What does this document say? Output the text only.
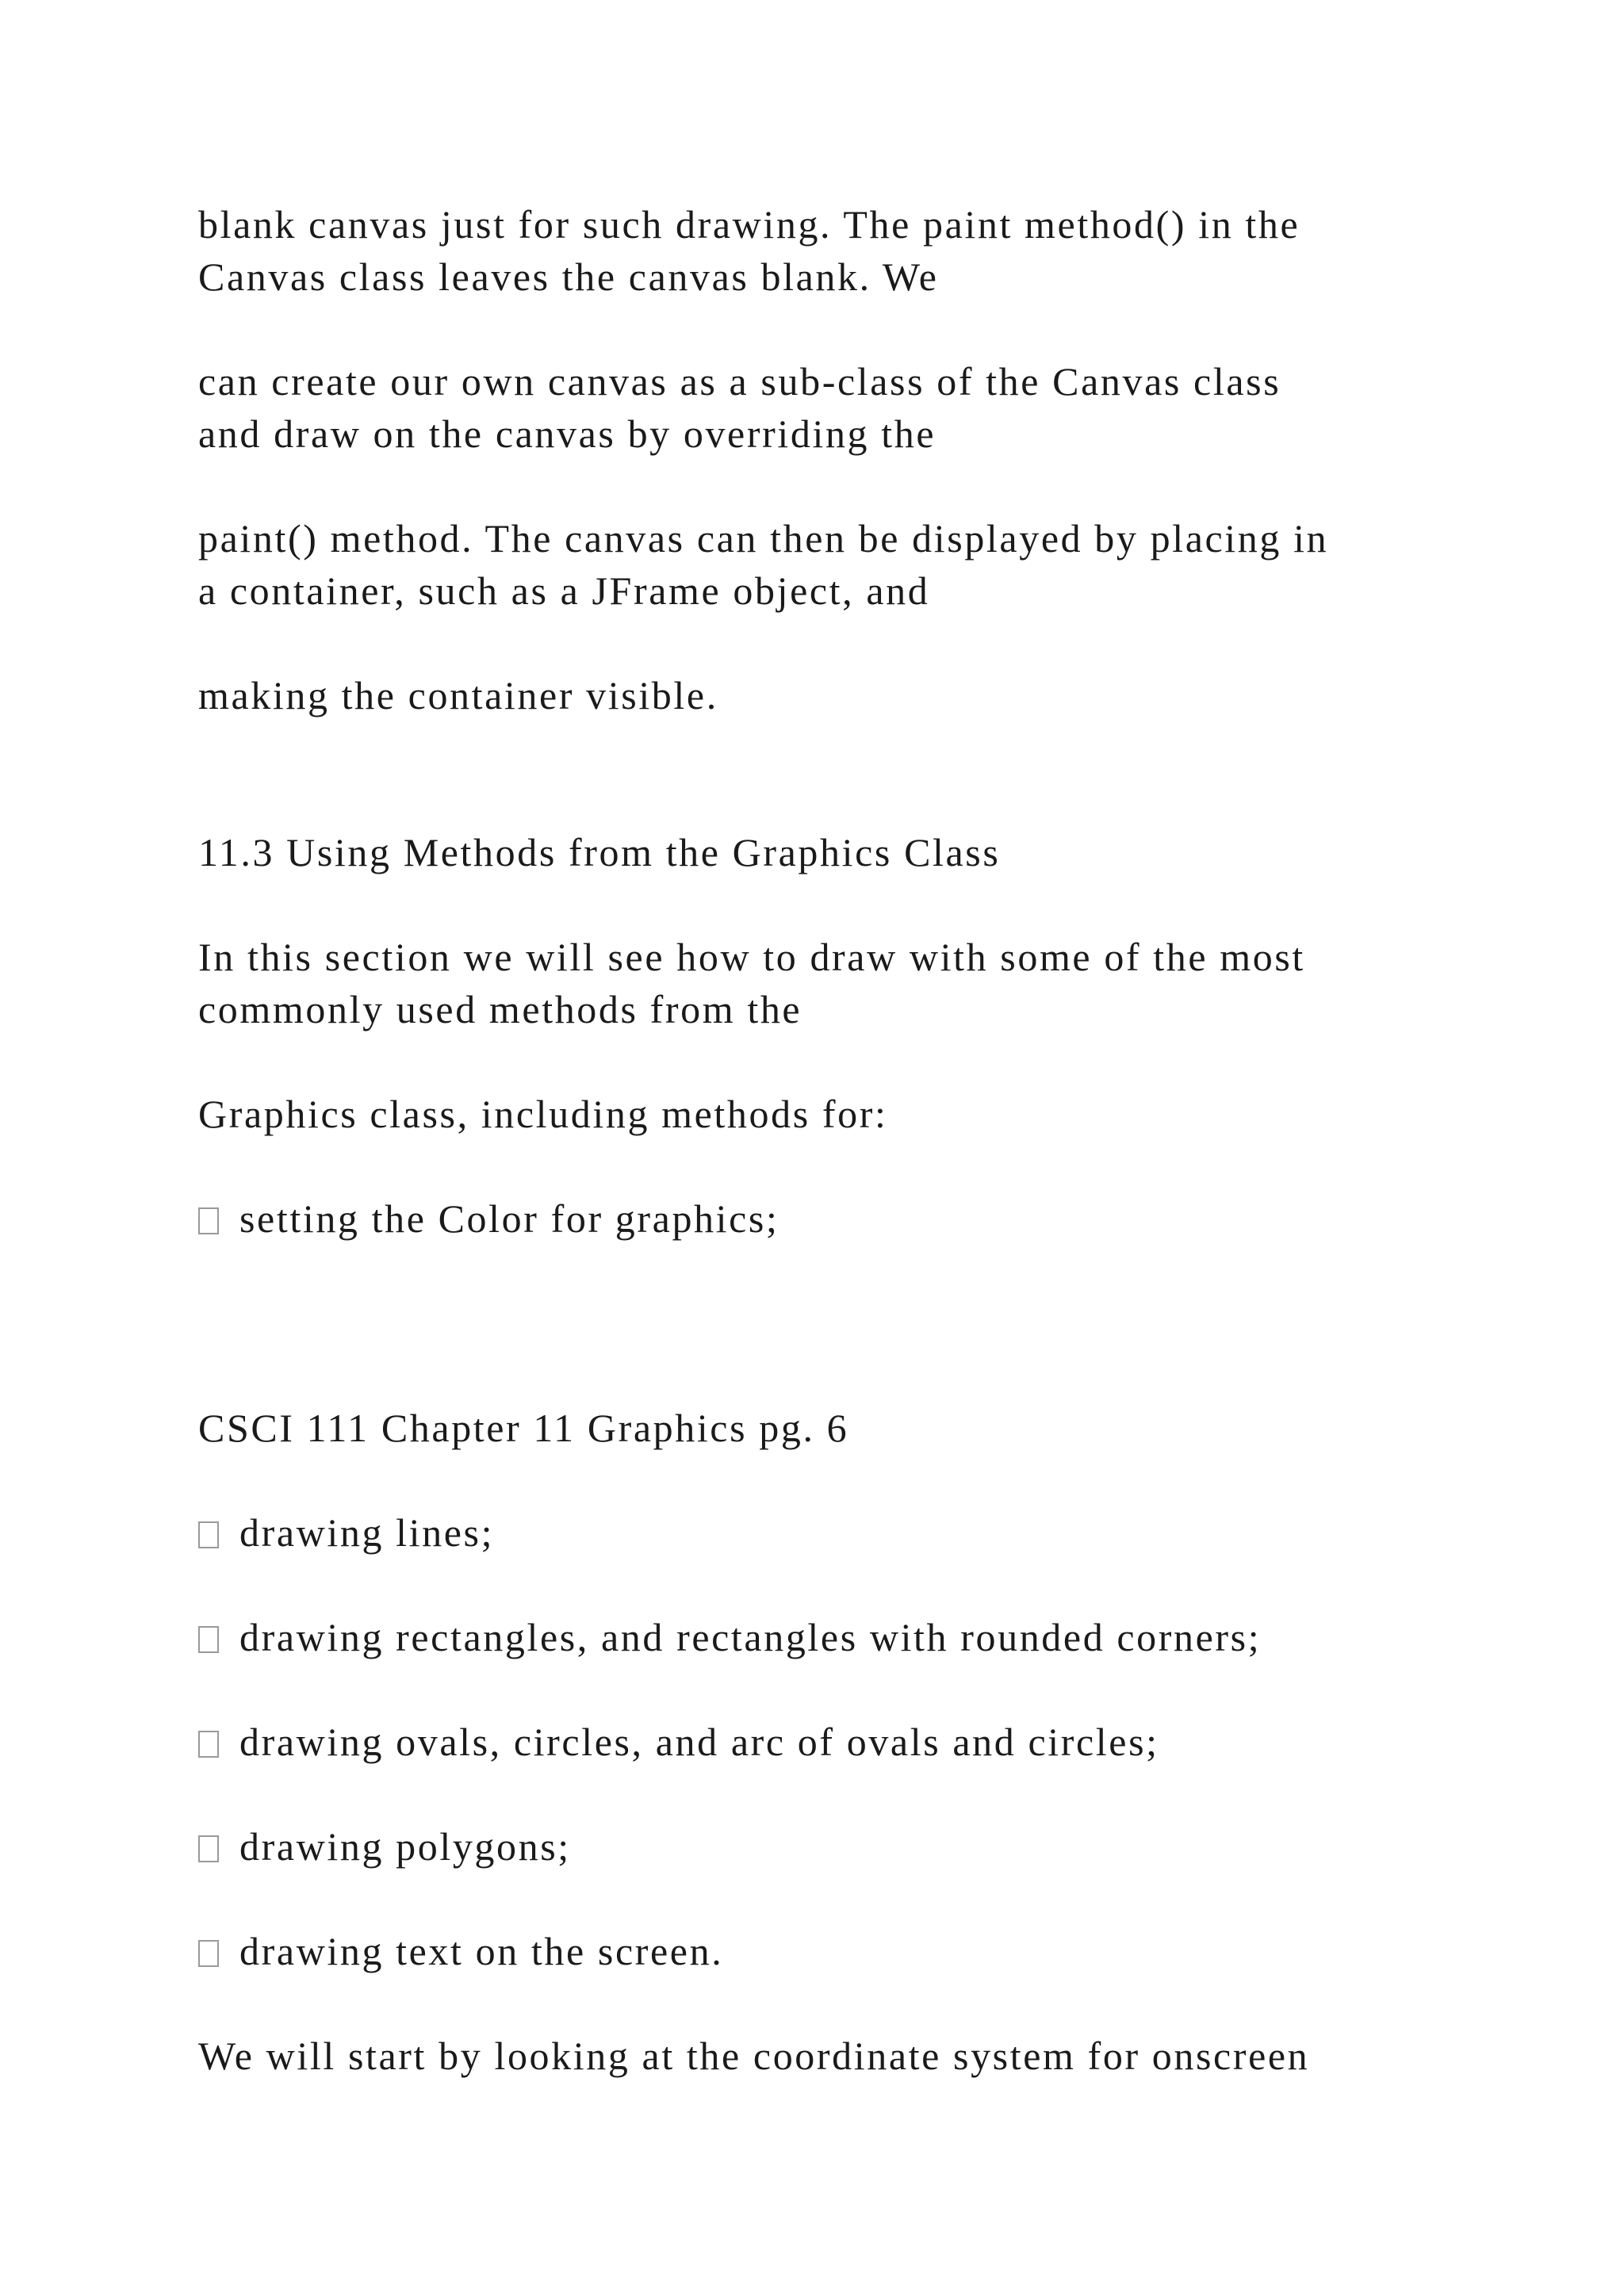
blank canvas just for such drawing. The paint method() in the
Canvas class leaves the canvas blank. We
can create our own canvas as a sub-class of the Canvas class
and draw on the canvas by overriding the
paint() method. The canvas can then be displayed by placing in
a container, such as a JFrame object, and
making the container visible.
11.3 Using Methods from the Graphics Class
In this section we will see how to draw with some of the most
commonly used methods from the
Graphics class, including methods for:
setting the Color for graphics;
CSCI 111 Chapter 11 Graphics pg. 6
drawing lines;
drawing rectangles, and rectangles with rounded corners;
drawing ovals, circles, and arc of ovals and circles;
drawing polygons;
drawing text on the screen.
We will start by looking at the coordinate system for onscreen
